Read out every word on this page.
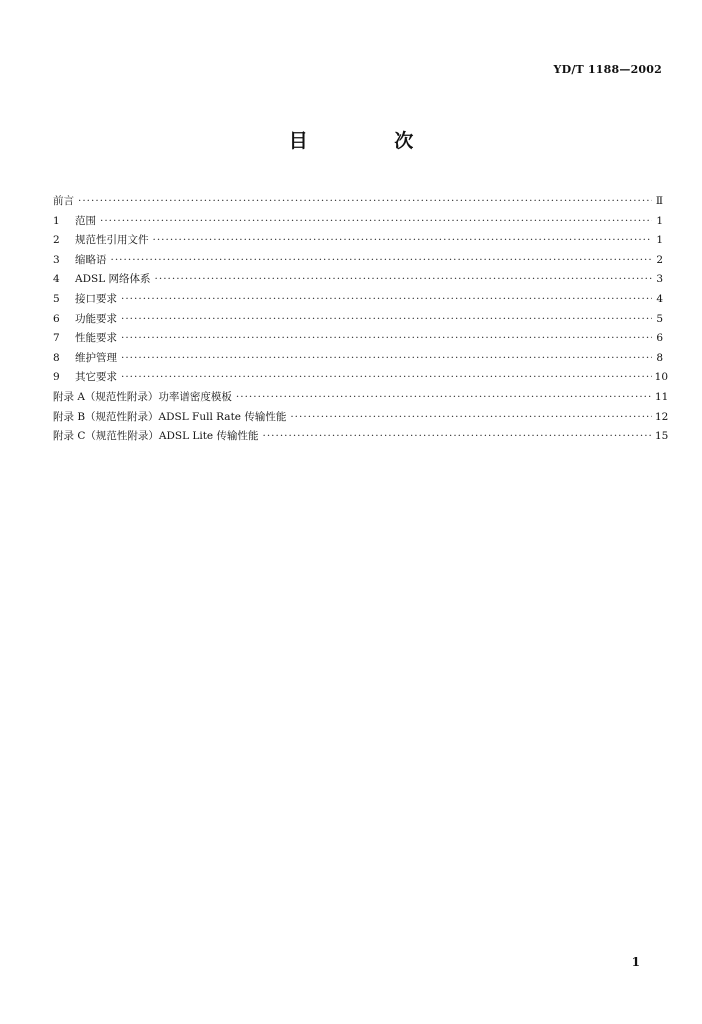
YD/T 1188—2002
目 次
前言 ·····	Ⅱ
1	范围 ·····	1
2	规范性引用文件 ·····	1
3	缩略语 ·····	2
4	ADSL 网络体系 ·····	3
5	接口要求 ·····	4
6	功能要求 ·····	5
7	性能要求 ·····	6
8	维护管理 ·····	8
9	其它要求 ·····	10
附录 A（规范性附录）功率谱密度模板 ·····	11
附录 B（规范性附录）ADSL Full Rate 传输性能 ·····	12
附录 C（规范性附录）ADSL Lite 传输性能 ·····	15
1
